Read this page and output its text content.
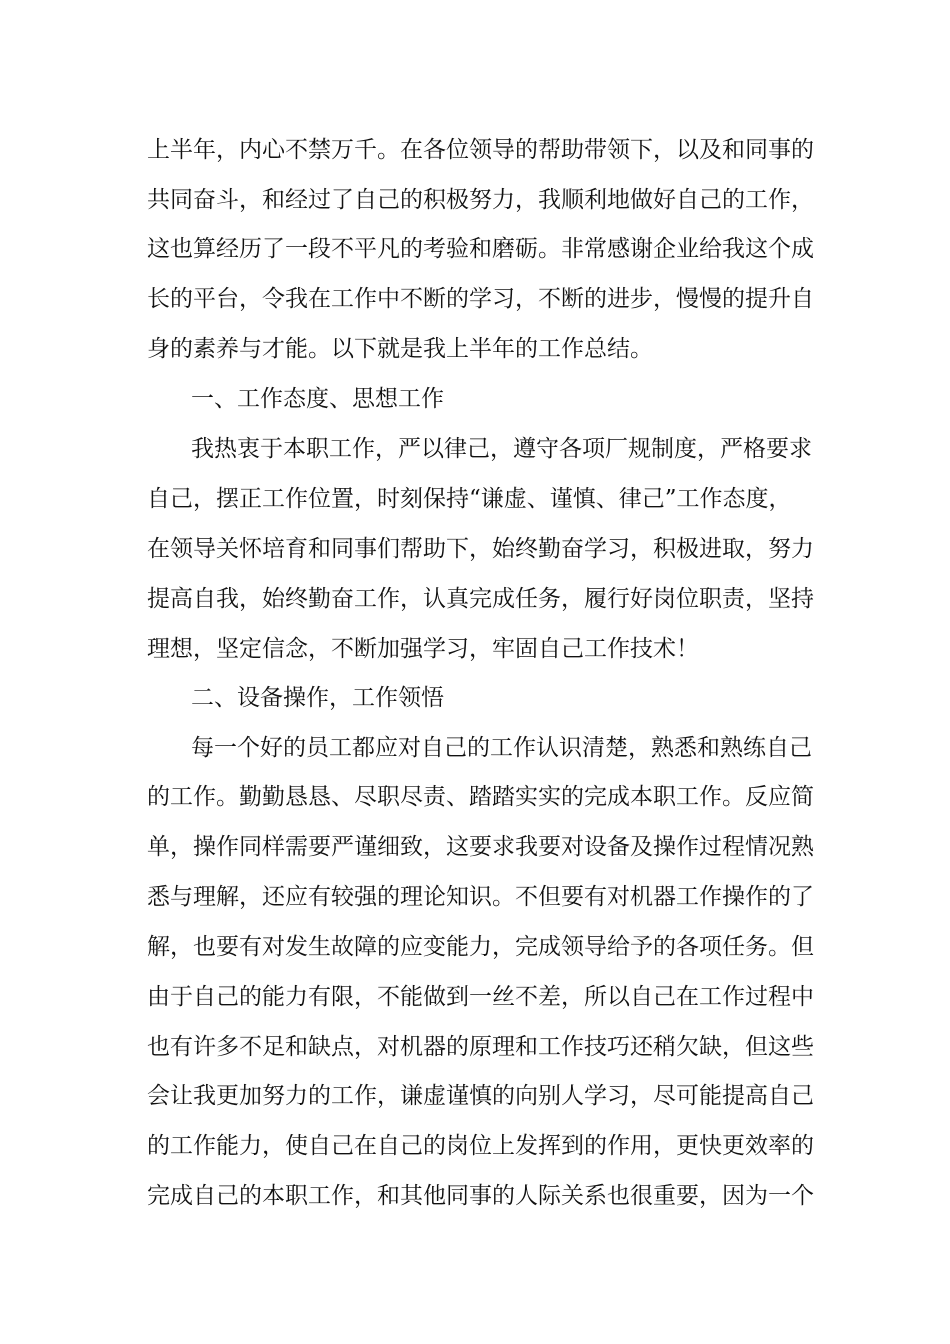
上半年，内心不禁万千。在各位领导的帮助带领下，以及和同事的
共同奋斗，和经过了自己的积极努力，我顺利地做好自己的工作，
这也算经历了一段不平凡的考验和磨砺。非常感谢企业给我这个成
长的平台，令我在工作中不断的学习，不断的进步，慢慢的提升自
身的素养与才能。以下就是我上半年的工作总结。
一、工作态度、思想工作
我热衷于本职工作，严以律己，遵守各项厂规制度，严格要求
自己，摆正工作位置，时刻保持“谦虚、谨慎、律己”工作态度，
在领导关怀培育和同事们帮助下，始终勤奋学习，积极进取，努力
提高自我，始终勤奋工作，认真完成任务，履行好岗位职责，坚持
理想，坚定信念，不断加强学习，牢固自己工作技术！
二、设备操作，工作领悟
每一个好的员工都应对自己的工作认识清楚，熟悉和熟练自己
的工作。勤勤恳恳、尽职尽责、踏踏实实的完成本职工作。反应简
单，操作同样需要严谨细致，这要求我要对设备及操作过程情况熟
悉与理解，还应有较强的理论知识。不但要有对机器工作操作的了
解，也要有对发生故障的应变能力，完成领导给予的各项任务。但
由于自己的能力有限，不能做到一丝不差，所以自己在工作过程中
也有许多不足和缺点，对机器的原理和工作技巧还稍欠缺，但这些
会让我更加努力的工作，谦虚谨慎的向别人学习，尽可能提高自己
的工作能力，使自己在自己的岗位上发挥到的作用，更快更效率的
完成自己的本职工作，和其他同事的人际关系也很重要，因为一个
